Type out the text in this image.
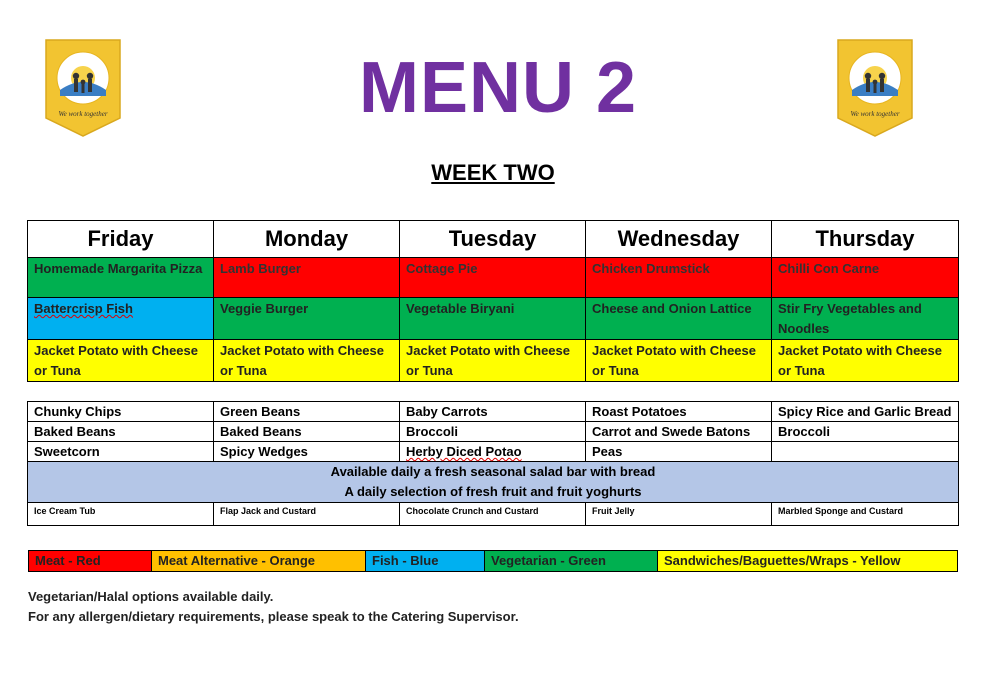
We work together	We work together
MENU 2
WEEK TWO
Friday	Monday	Tuesday	Wednesday	Thursday
Homemade Margarita Pizza	Lamb Burger	Cottage Pie	Chicken Drumstick	Chilli Con Carne
Battercrisp Fish	Veggie Burger	Vegetable Biryani	Cheese and Onion Lattice	Stir Fry Vegetables and Noodles
Jacket Potato with Cheese or Tuna	Jacket Potato with Cheese or Tuna	Jacket Potato with Cheese or Tuna	Jacket Potato with Cheese or Tuna	Jacket Potato with Cheese or Tuna
Chunky Chips	Green Beans	Baby Carrots	Roast Potatoes	Spicy Rice and Garlic Bread
Baked Beans	Baked Beans	Broccoli	Carrot and Swede Batons	Broccoli
Sweetcorn	Spicy Wedges	Herby Diced Potao	Peas	

Available daily a fresh seasonal salad bar with bread
A daily selection of fresh fruit and fruit yoghurts				

Ice Cream Tub	Flap Jack and Custard	Chocolate Crunch and Custard	Fruit Jelly	Marbled Sponge and Custard
Meat - Red	Meat Alternative - Orange	Fish - Blue	Vegetarian - Green	Sandwiches/Baguettes/Wraps - Yellow
Vegetarian/Halal options available daily.
For any allergen/dietary requirements, please speak to the Catering Supervisor.
